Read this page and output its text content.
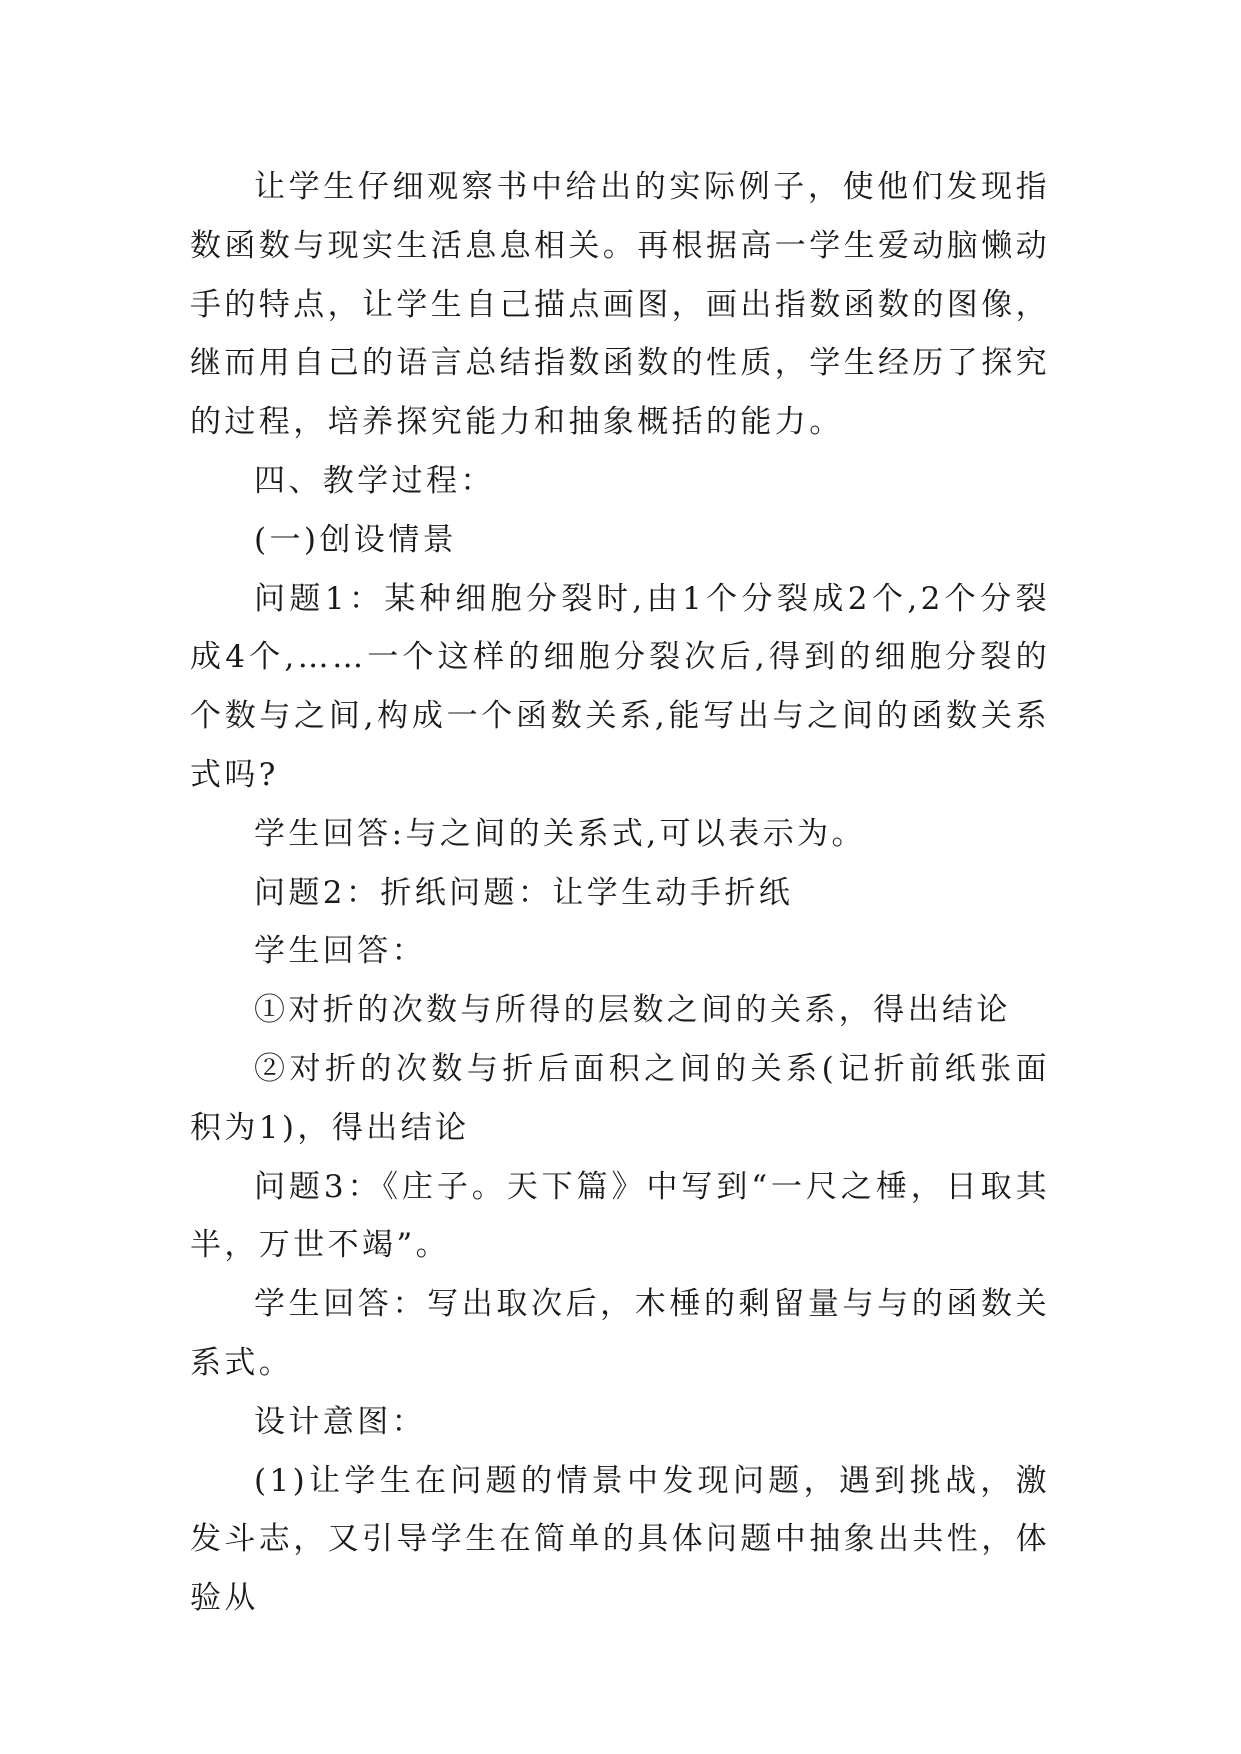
让学生仔细观察书中给出的实际例子，使他们发现指数函数与现实生活息息相关。再根据高一学生爱动脑懒动手的特点，让学生自己描点画图，画出指数函数的图像，继而用自己的语言总结指数函数的性质，学生经历了探究的过程，培养探究能力和抽象概括的能力。

四、教学过程：

(一)创设情景

问题1：某种细胞分裂时,由1个分裂成2个,2个分裂成4个,……一个这样的细胞分裂次后,得到的细胞分裂的个数与之间,构成一个函数关系,能写出与之间的函数关系式吗?

学生回答:与之间的关系式,可以表示为。

问题2：折纸问题：让学生动手折纸

学生回答：

①对折的次数与所得的层数之间的关系，得出结论

②对折的次数与折后面积之间的关系(记折前纸张面积为1)，得出结论

问题3：《庄子。天下篇》中写到“一尺之棰，日取其半，万世不竭”。

学生回答：写出取次后，木棰的剩留量与与的函数关系式。

设计意图：

(1)让学生在问题的情景中发现问题，遇到挑战，激发斗志，又引导学生在简单的具体问题中抽象出共性，体验从
